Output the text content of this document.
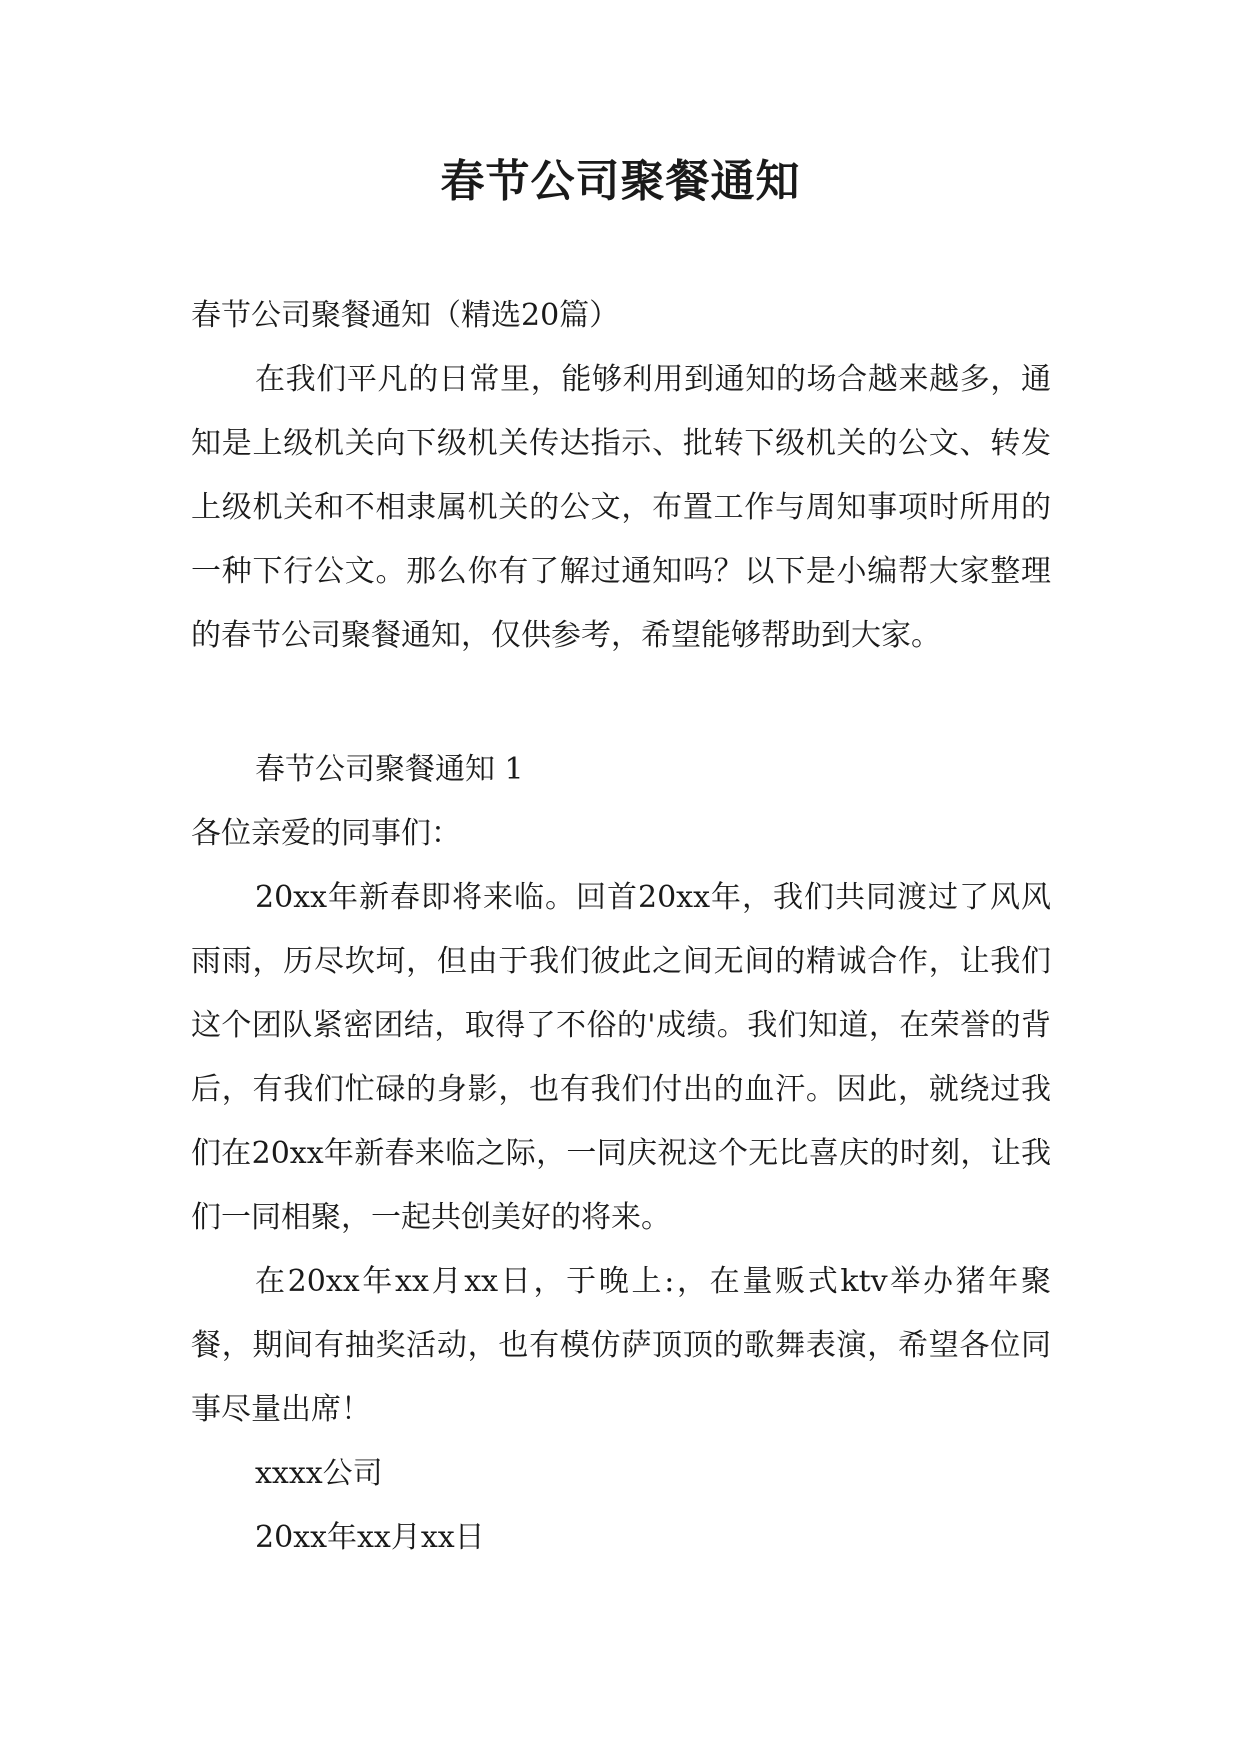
春节公司聚餐通知

春节公司聚餐通知（精选20篇）

在我们平凡的日常里，能够利用到通知的场合越来越多，通知是上级机关向下级机关传达指示、批转下级机关的公文、转发上级机关和不相隶属机关的公文，布置工作与周知事项时所用的一种下行公文。那么你有了解过通知吗？以下是小编帮大家整理的春节公司聚餐通知，仅供参考，希望能够帮助到大家。

春节公司聚餐通知 1

各位亲爱的同事们：

20xx年新春即将来临。回首20xx年，我们共同渡过了风风雨雨，历尽坎坷，但由于我们彼此之间无间的精诚合作，让我们这个团队紧密团结，取得了不俗的'成绩。我们知道，在荣誉的背后，有我们忙碌的身影，也有我们付出的血汗。因此，就绕过我们在20xx年新春来临之际，一同庆祝这个无比喜庆的时刻，让我们一同相聚，一起共创美好的将来。

在20xx年xx月xx日，于晚上:，在量贩式ktv举办猪年聚餐，期间有抽奖活动，也有模仿萨顶顶的歌舞表演，希望各位同事尽量出席！

xxxx公司

20xx年xx月xx日
